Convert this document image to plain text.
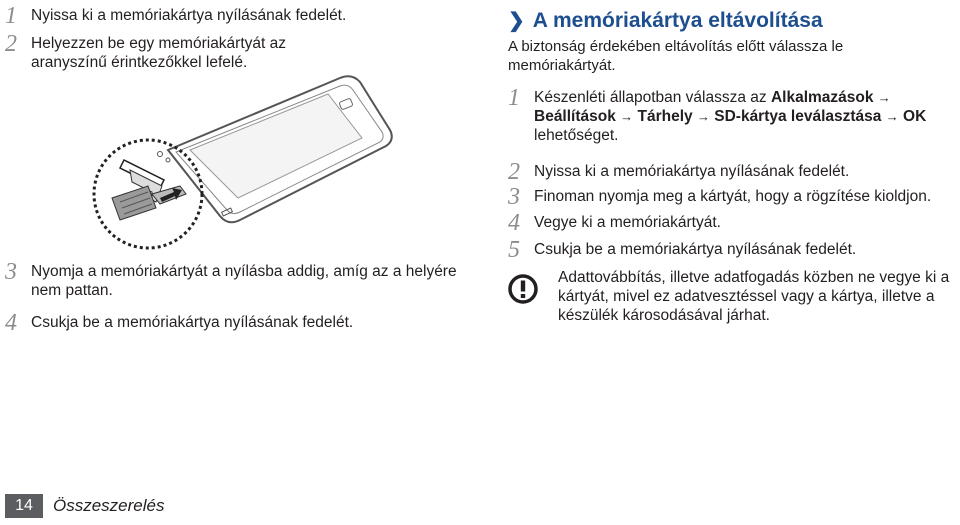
1 Nyissa ki a memóriakártya nyílásának fedelét.
2 Helyezzen be egy memóriakártyát az aranyszínű érintkezőkkel lefelé.
3 Nyomja a memóriakártyát a nyílásba addig, amíg az a helyére nem pattan.
4 Csukja be a memóriakártya nyílásának fedelét.
❯ A memóriakártya eltávolítása
A biztonság érdekében eltávolítás előtt válassza le memóriakártyát.
1 Készenléti állapotban válassza az Alkalmazások → Beállítások → Tárhely → SD-kártya leválasztása → OK lehetőséget.
2 Nyissa ki a memóriakártya nyílásának fedelét.
3 Finoman nyomja meg a kártyát, hogy a rögzítése kioldjon.
4 Vegye ki a memóriakártyát.
5 Csukja be a memóriakártya nyílásának fedelét.
Adattovábbítás, illetve adatfogadás közben ne vegye ki a kártyát, mivel ez adatvesztéssel vagy a kártya, illetve a készülék károsodásával járhat.
14	Összeszerelés
